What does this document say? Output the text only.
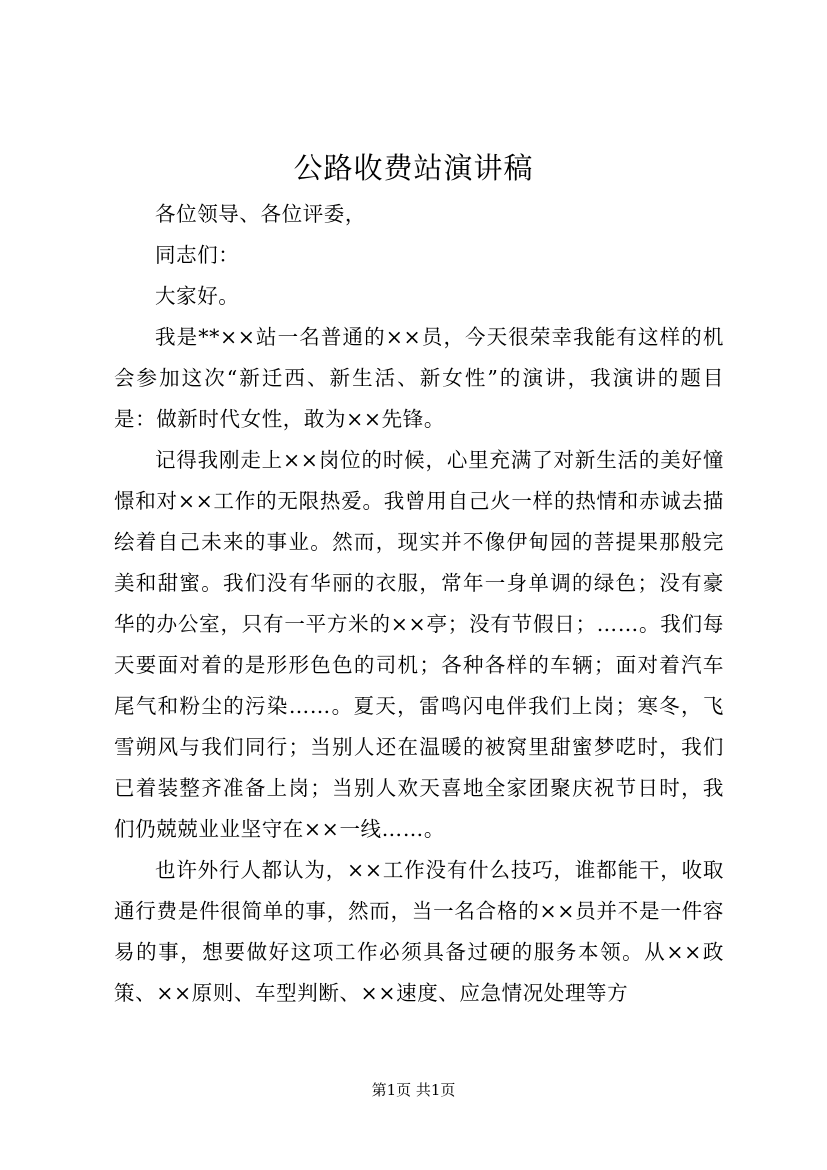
公路收费站演讲稿

各位领导、各位评委，

同志们：

大家好。

我是**××站一名普通的××员，今天很荣幸我能有这样的机会参加这次“新迁西、新生活、新女性”的演讲，我演讲的题目是：做新时代女性，敢为××先锋。

记得我刚走上××岗位的时候，心里充满了对新生活的美好憧憬和对××工作的无限热爱。我曾用自己火一样的热情和赤诚去描绘着自己未来的事业。然而，现实并不像伊甸园的菩提果那般完美和甜蜜。我们没有华丽的衣服，常年一身单调的绿色；没有豪华的办公室，只有一平方米的××亭；没有节假日；……。我们每天要面对着的是形形色色的司机；各种各样的车辆；面对着汽车尾气和粉尘的污染……。夏天，雷鸣闪电伴我们上岗；寒冬，飞雪朔风与我们同行；当别人还在温暖的被窝里甜蜜梦呓时，我们已着装整齐准备上岗；当别人欢天喜地全家团聚庆祝节日时，我们仍兢兢业业坚守在××一线……。

也许外行人都认为，××工作没有什么技巧，谁都能干，收取通行费是件很简单的事，然而，当一名合格的××员并不是一件容易的事，想要做好这项工作必须具备过硬的服务本领。从××政策、××原则、车型判断、××速度、应急情况处理等方

第1页 共1页
